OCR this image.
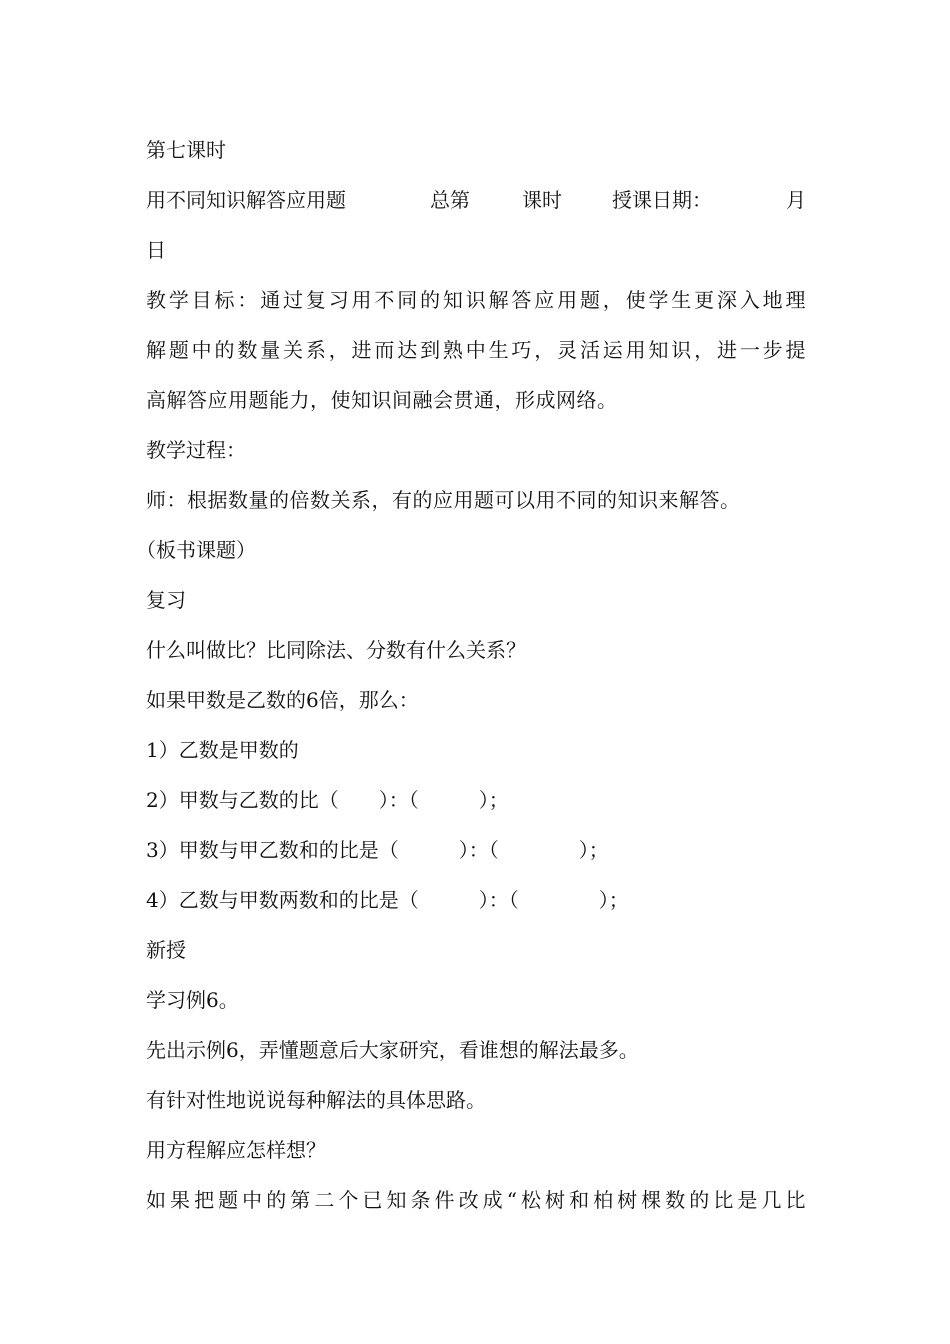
第七课时
用不同知识解答应用题	总第	课时	授课日期：	月
日
教学目标：通过复习用不同的知识解答应用题，使学生更深入地理
解题中的数量关系，进而达到熟中生巧，灵活运用知识，进一步提
高解答应用题能力，使知识间融会贯通，形成网络。
教学过程：
师：根据数量的倍数关系，有的应用题可以用不同的知识来解答。
（板书课题）
复习
什么叫做比？比同除法、分数有什么关系？
如果甲数是乙数的6倍，那么：
1）乙数是甲数的
2）甲数与乙数的比（　　）：（　　　）；
3）甲数与甲乙数和的比是（　　　）：（　　　　）；
4）乙数与甲数两数和的比是（　　　）：（　　　　）；
新授
学习例6。
先出示例6，弄懂题意后大家研究，看谁想的解法最多。
有针对性地说说每种解法的具体思路。
用方程解应怎样想？
如果把题中的第二个已知条件改成“松树和柏树棵数的比是几比
